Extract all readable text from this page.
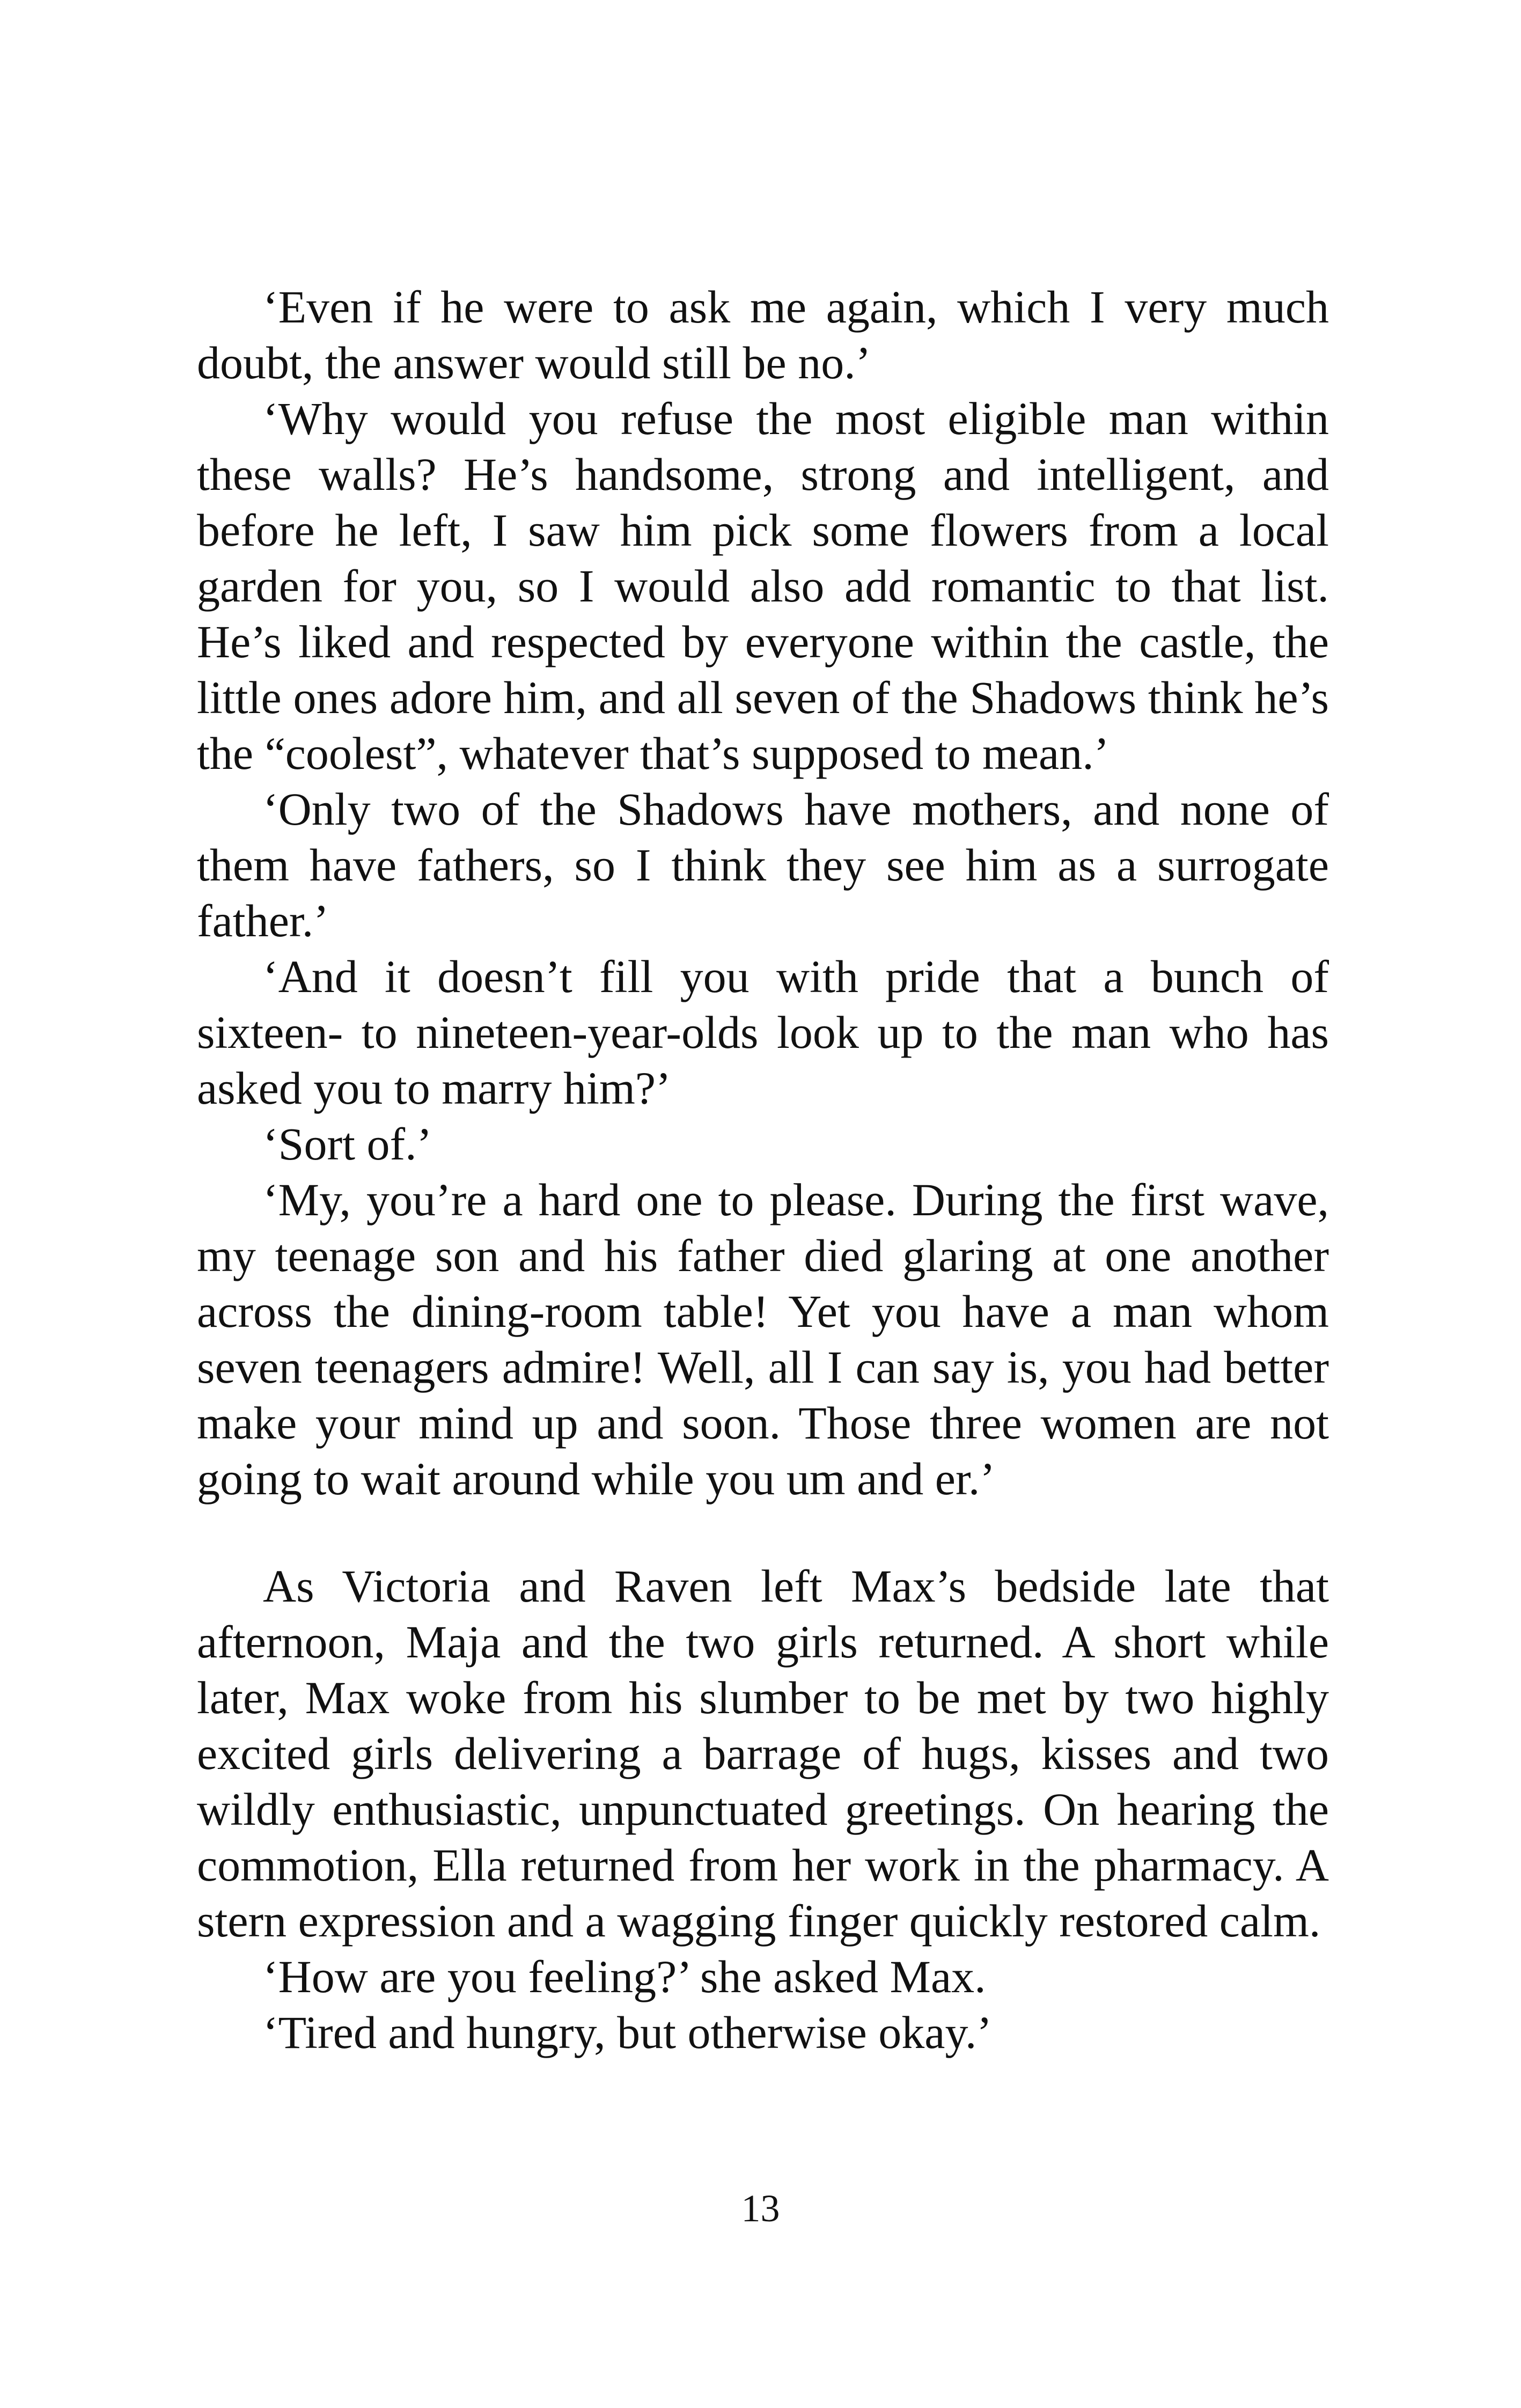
‘Even if he were to ask me again, which I very much doubt, the answer would still be no.’

‘Why would you refuse the most eligible man within these walls? He’s handsome, strong and intelligent, and before he left, I saw him pick some flowers from a local garden for you, so I would also add romantic to that list. He’s liked and respected by everyone within the castle, the little ones adore him, and all seven of the Shadows think he’s the “coolest”, whatever that’s supposed to mean.’

‘Only two of the Shadows have mothers, and none of them have fathers, so I think they see him as a surrogate father.’

‘And it doesn’t fill you with pride that a bunch of sixteen- to nineteen-year-olds look up to the man who has asked you to marry him?’

‘Sort of.’

‘My, you’re a hard one to please. During the first wave, my teenage son and his father died glaring at one another across the dining-room table! Yet you have a man whom seven teenagers admire! Well, all I can say is, you had better make your mind up and soon. Those three women are not going to wait around while you um and er.’

As Victoria and Raven left Max’s bedside late that afternoon, Maja and the two girls returned. A short while later, Max woke from his slumber to be met by two highly excited girls delivering a barrage of hugs, kisses and two wildly enthusiastic, unpunctuated greetings. On hearing the commotion, Ella returned from her work in the pharmacy. A stern expression and a wagging finger quickly restored calm.

‘How are you feeling?’ she asked Max.

‘Tired and hungry, but otherwise okay.’

13
